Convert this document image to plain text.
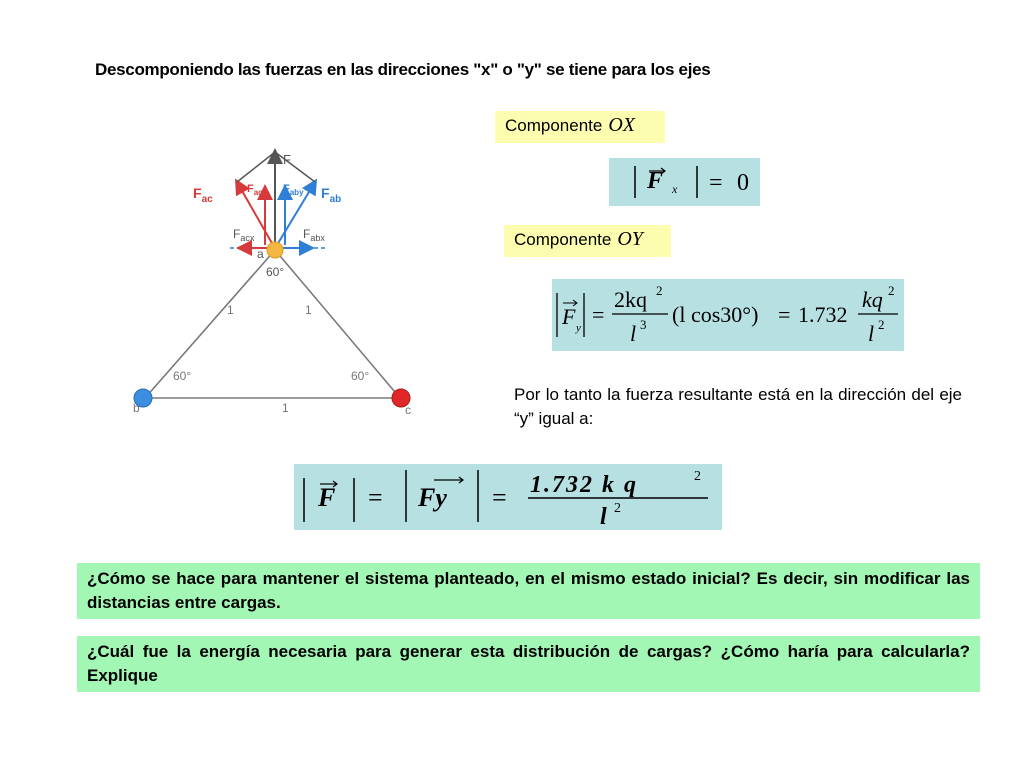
Descomponiendo las fuerzas en las direcciones "x" o "y" se tiene para los ejes
F
$F_{ac}$	$F_{ab}$
$F_{acy}$ $F_{aby}$
$F_{acx}$	$F_{abx}$
a
b	c
60°
60°	60°
1	1
1
Componente OX
F x = 0
Componente OY
F y
=
2kq 2
l 3 (l cos30°) = 1.732
kq 2
l 2
Por lo tanto la fuerza resultante está en la dirección del eje “y” igual a:
F = Fy = 1.732 k q	2
l 2
¿Cómo se hace para mantener el sistema planteado, en el mismo estado inicial? Es decir, sin modificar las distancias entre cargas.
¿Cuál fue la energía necesaria para generar esta distribución de cargas? ¿Cómo haría para calcularla? Explique
